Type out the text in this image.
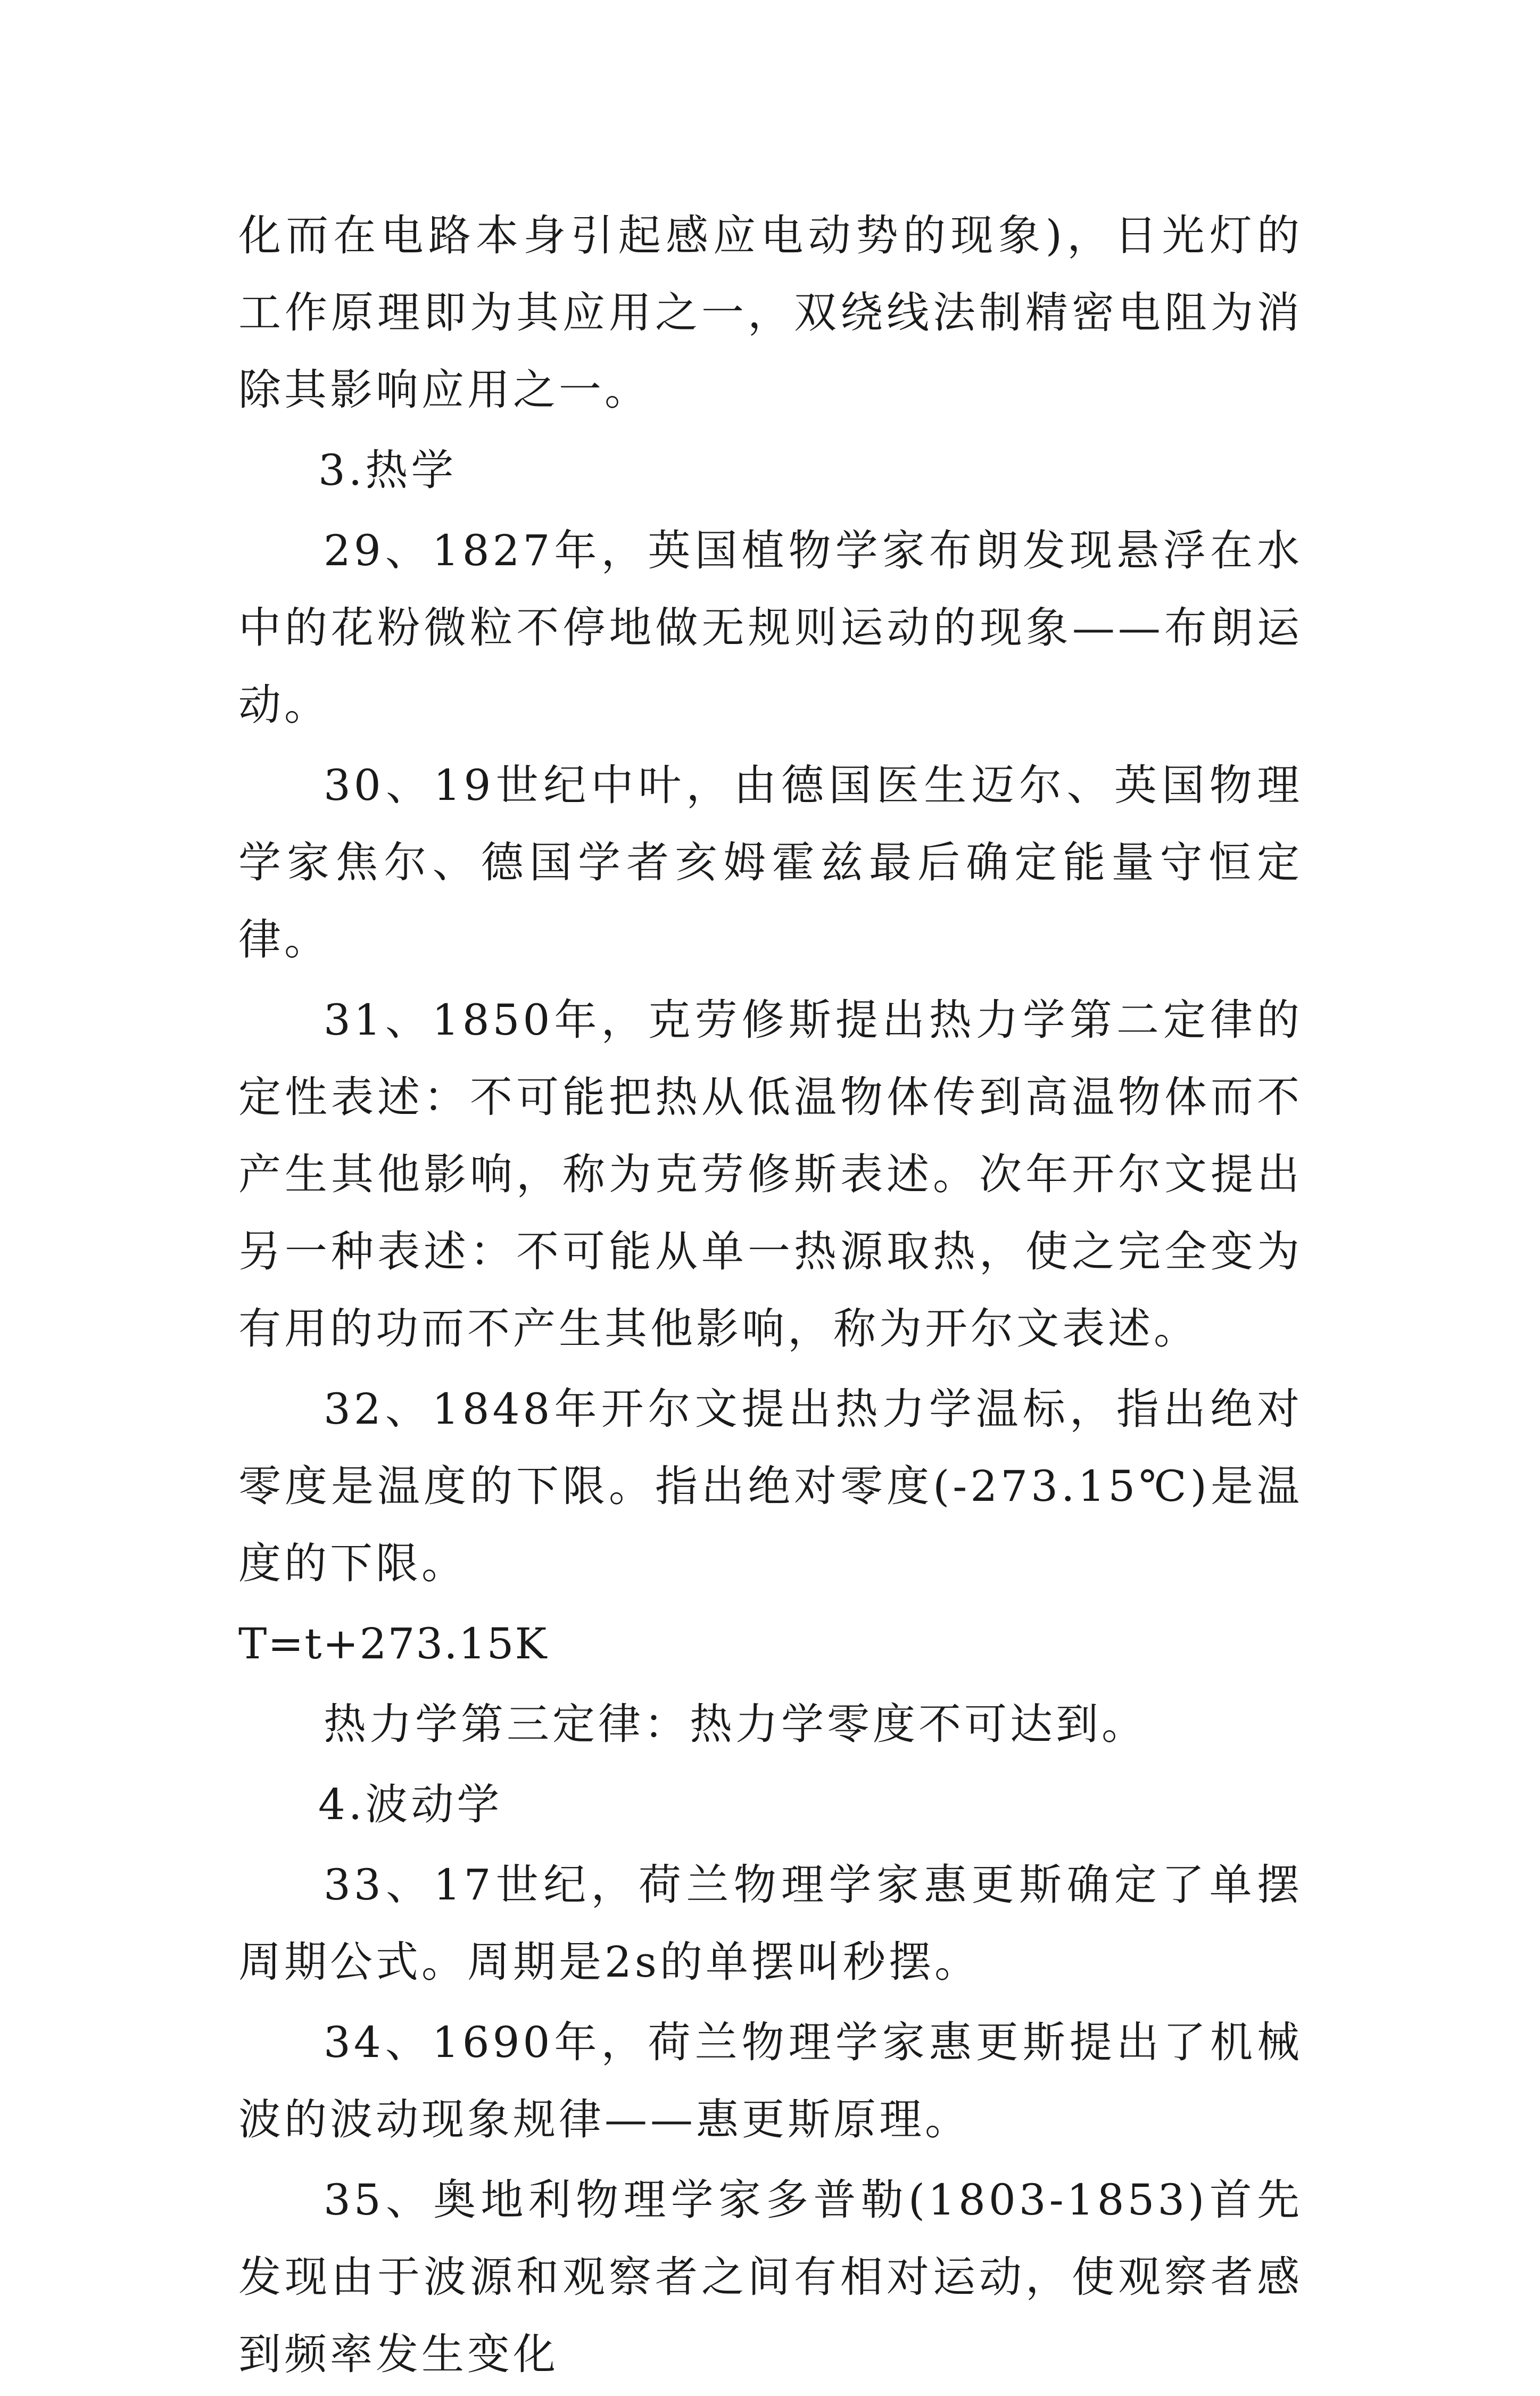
化而在电路本身引起感应电动势的现象)，日光灯的工作原理即为其应用之一，双绕线法制精密电阻为消除其影响应用之一。

3.热学

29、1827年，英国植物学家布朗发现悬浮在水中的花粉微粒不停地做无规则运动的现象——布朗运动。

30、19世纪中叶，由德国医生迈尔、英国物理学家焦尔、德国学者亥姆霍兹最后确定能量守恒定律。

31、1850年，克劳修斯提出热力学第二定律的定性表述：不可能把热从低温物体传到高温物体而不产生其他影响，称为克劳修斯表述。次年开尔文提出另一种表述：不可能从单一热源取热，使之完全变为有用的功而不产生其他影响，称为开尔文表述。

32、1848年开尔文提出热力学温标，指出绝对零度是温度的下限。指出绝对零度(-273.15℃)是温度的下限。

T=t+273.15K

热力学第三定律：热力学零度不可达到。

4.波动学

33、17世纪，荷兰物理学家惠更斯确定了单摆周期公式。周期是2s的单摆叫秒摆。

34、1690年，荷兰物理学家惠更斯提出了机械波的波动现象规律——惠更斯原理。

35、奥地利物理学家多普勒(1803-1853)首先发现由于波源和观察者之间有相对运动，使观察者感到频率发生变化
